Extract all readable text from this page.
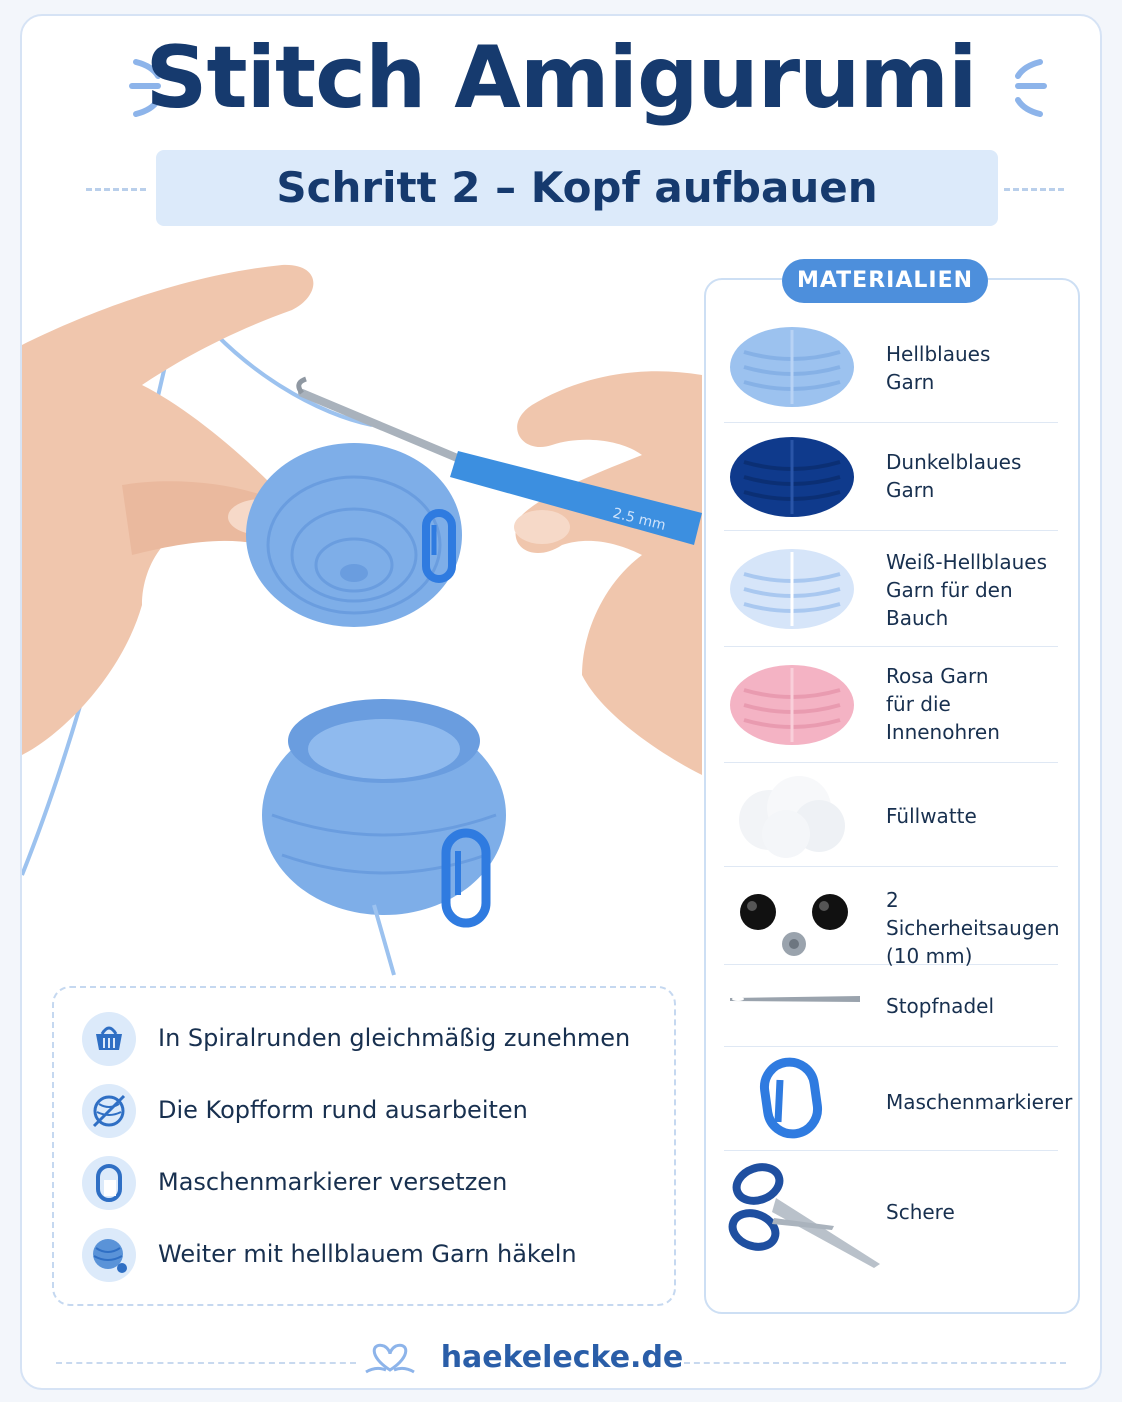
Stitch Amigurumi
Schritt 2 – Kopf aufbauen
2.5 mm
MATERIALIEN
Hellblaues
Garn
Dunkelblaues
Garn
Weiß-Hellblaues
Garn für den
Bauch
Rosa Garn
für die
Innenohren
Füllwatte
2 Sicherheitsaugen
(10 mm)
Stopfnadel
Maschenmarkierer
Schere
In Spiralrunden gleichmäßig zunehmen
Die Kopfform rund ausarbeiten
Maschenmarkierer versetzen
Weiter mit hellblauem Garn häkeln
haekelecke.de
